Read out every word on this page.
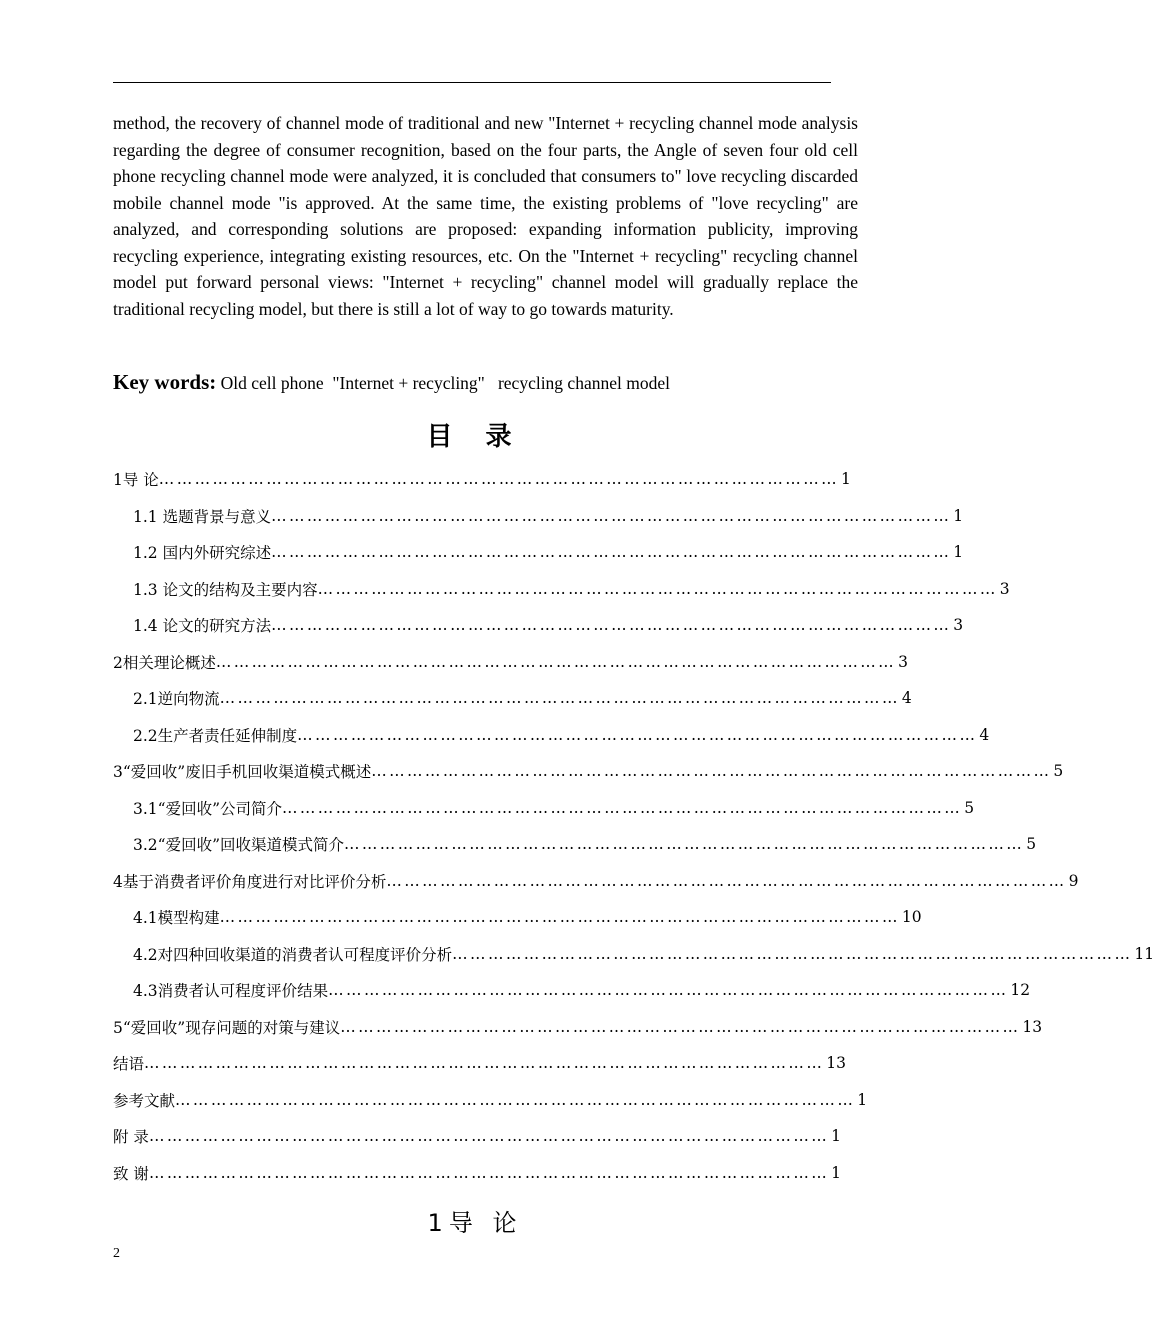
method, the recovery of channel mode of traditional and new "Internet + recycling channel mode analysis regarding the degree of consumer recognition, based on the four parts, the Angle of seven four old cell phone recycling channel mode were analyzed, it is concluded that consumers to" love recycling discarded mobile channel mode "is approved. At the same time, the existing problems of "love recycling" are analyzed, and corresponding solutions are proposed: expanding information publicity, improving recycling experience, integrating existing resources, etc. On the "Internet + recycling" recycling channel model put forward personal views: "Internet + recycling" channel model will gradually replace the traditional recycling model, but there is still a lot of way to go towards maturity.

Key words: Old cell phone  "Internet + recycling"   recycling channel model
目 录
1导 论 …………………………………………………………………………………………………… 1
1.1 选题背景与意义 …………………………………………………………………………………………………… 1
1.2 国内外研究综述 …………………………………………………………………………………………………… 1
1.3 论文的结构及主要内容 …………………………………………………………………………………………………… 3
1.4 论文的研究方法 …………………………………………………………………………………………………… 3
2相关理论概述 …………………………………………………………………………………………………… 3
2.1逆向物流 …………………………………………………………………………………………………… 4
2.2生产者责任延伸制度 …………………………………………………………………………………………………… 4
3“爱回收”废旧手机回收渠道模式概述 …………………………………………………………………………………………………… 5
3.1“爱回收”公司简介 …………………………………………………………………………………………………… 5
3.2“爱回收”回收渠道模式简介 …………………………………………………………………………………………………… 5
4基于消费者评价角度进行对比评价分析 …………………………………………………………………………………………………… 9
4.1模型构建 …………………………………………………………………………………………………… 10
4.2对四种回收渠道的消费者认可程度评价分析 …………………………………………………………………………………………………… 11
4.3消费者认可程度评价结果 …………………………………………………………………………………………………… 12
5“爱回收”现存问题的对策与建议 …………………………………………………………………………………………………… 13
结语 …………………………………………………………………………………………………… 13
参考文献 …………………………………………………………………………………………………… 1
附 录 …………………………………………………………………………………………………… 1
致 谢 …………………………………………………………………………………………………… 1
1导 论
2
